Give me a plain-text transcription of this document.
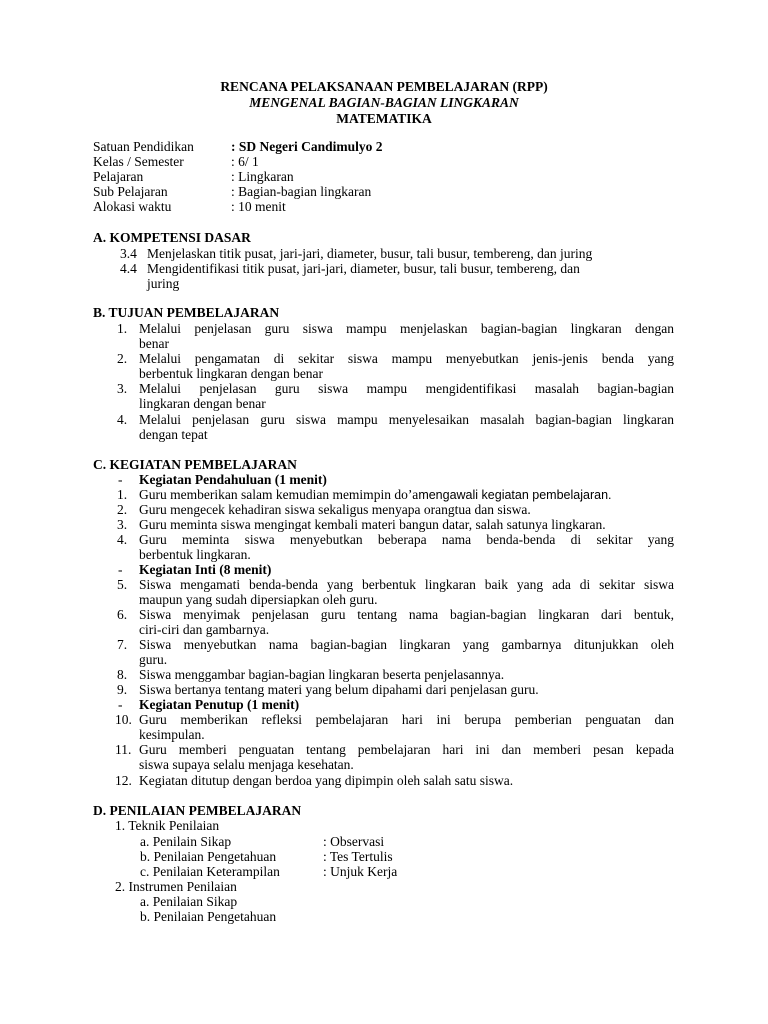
RENCANA PELAKSANAAN PEMBELAJARAN (RPP)
MENGENAL BAGIAN-BAGIAN LINGKARAN
MATEMATIKA
Satuan Pendidikan	: SD Negeri Candimulyo 2
Kelas / Semester	: 6/ 1
Pelajaran	: Lingkaran
Sub Pelajaran	: Bagian-bagian lingkaran
Alokasi waktu	: 10 menit
A. KOMPETENSI DASAR
3.4 Menjelaskan titik pusat, jari-jari, diameter, busur, tali busur, tembereng, dan juring
4.4 Mengidentifikasi titik pusat, jari-jari, diameter, busur, tali busur, tembereng, dan
juring
B. TUJUAN PEMBELAJARAN
1. Melalui penjelasan guru siswa mampu menjelaskan bagian-bagian lingkaran dengan
benar
2. Melalui pengamatan di sekitar siswa mampu menyebutkan jenis-jenis benda yang
berbentuk lingkaran dengan benar
3. Melalui penjelasan guru siswa mampu mengidentifikasi masalah bagian-bagian
lingkaran dengan benar
4. Melalui penjelasan guru siswa mampu menyelesaikan masalah bagian-bagian lingkaran
dengan tepat
C. KEGIATAN PEMBELAJARAN
- Kegiatan Pendahuluan (1 menit)
1. Guru memberikan salam kemudian memimpin do’amengawali kegiatan pembelajaran.
2. Guru mengecek kehadiran siswa sekaligus menyapa orangtua dan siswa.
3. Guru meminta siswa mengingat kembali materi bangun datar, salah satunya lingkaran.
4. Guru meminta siswa menyebutkan beberapa nama benda-benda di sekitar yang
berbentuk lingkaran.
- Kegiatan Inti (8 menit)
5. Siswa mengamati benda-benda yang berbentuk lingkaran baik yang ada di sekitar siswa
maupun yang sudah dipersiapkan oleh guru.
6. Siswa menyimak penjelasan guru tentang nama bagian-bagian lingkaran dari bentuk,
ciri-ciri dan gambarnya.
7. Siswa menyebutkan nama bagian-bagian lingkaran yang gambarnya ditunjukkan oleh
guru.
8. Siswa menggambar bagian-bagian lingkaran beserta penjelasannya.
9. Siswa bertanya tentang materi yang belum dipahami dari penjelasan guru.
- Kegiatan Penutup (1 menit)
10. Guru memberikan refleksi pembelajaran hari ini berupa pemberian penguatan dan
kesimpulan.
11. Guru memberi penguatan tentang pembelajaran hari ini dan memberi pesan kepada
siswa supaya selalu menjaga kesehatan.
12. Kegiatan ditutup dengan berdoa yang dipimpin oleh salah satu siswa.
D. PENILAIAN PEMBELAJARAN
1. Teknik Penilaian
a. Penilain Sikap	: Observasi
b. Penilaian Pengetahuan	: Tes Tertulis
c. Penilaian Keterampilan	: Unjuk Kerja
2. Instrumen Penilaian
a. Penilaian Sikap
b. Penilaian Pengetahuan
